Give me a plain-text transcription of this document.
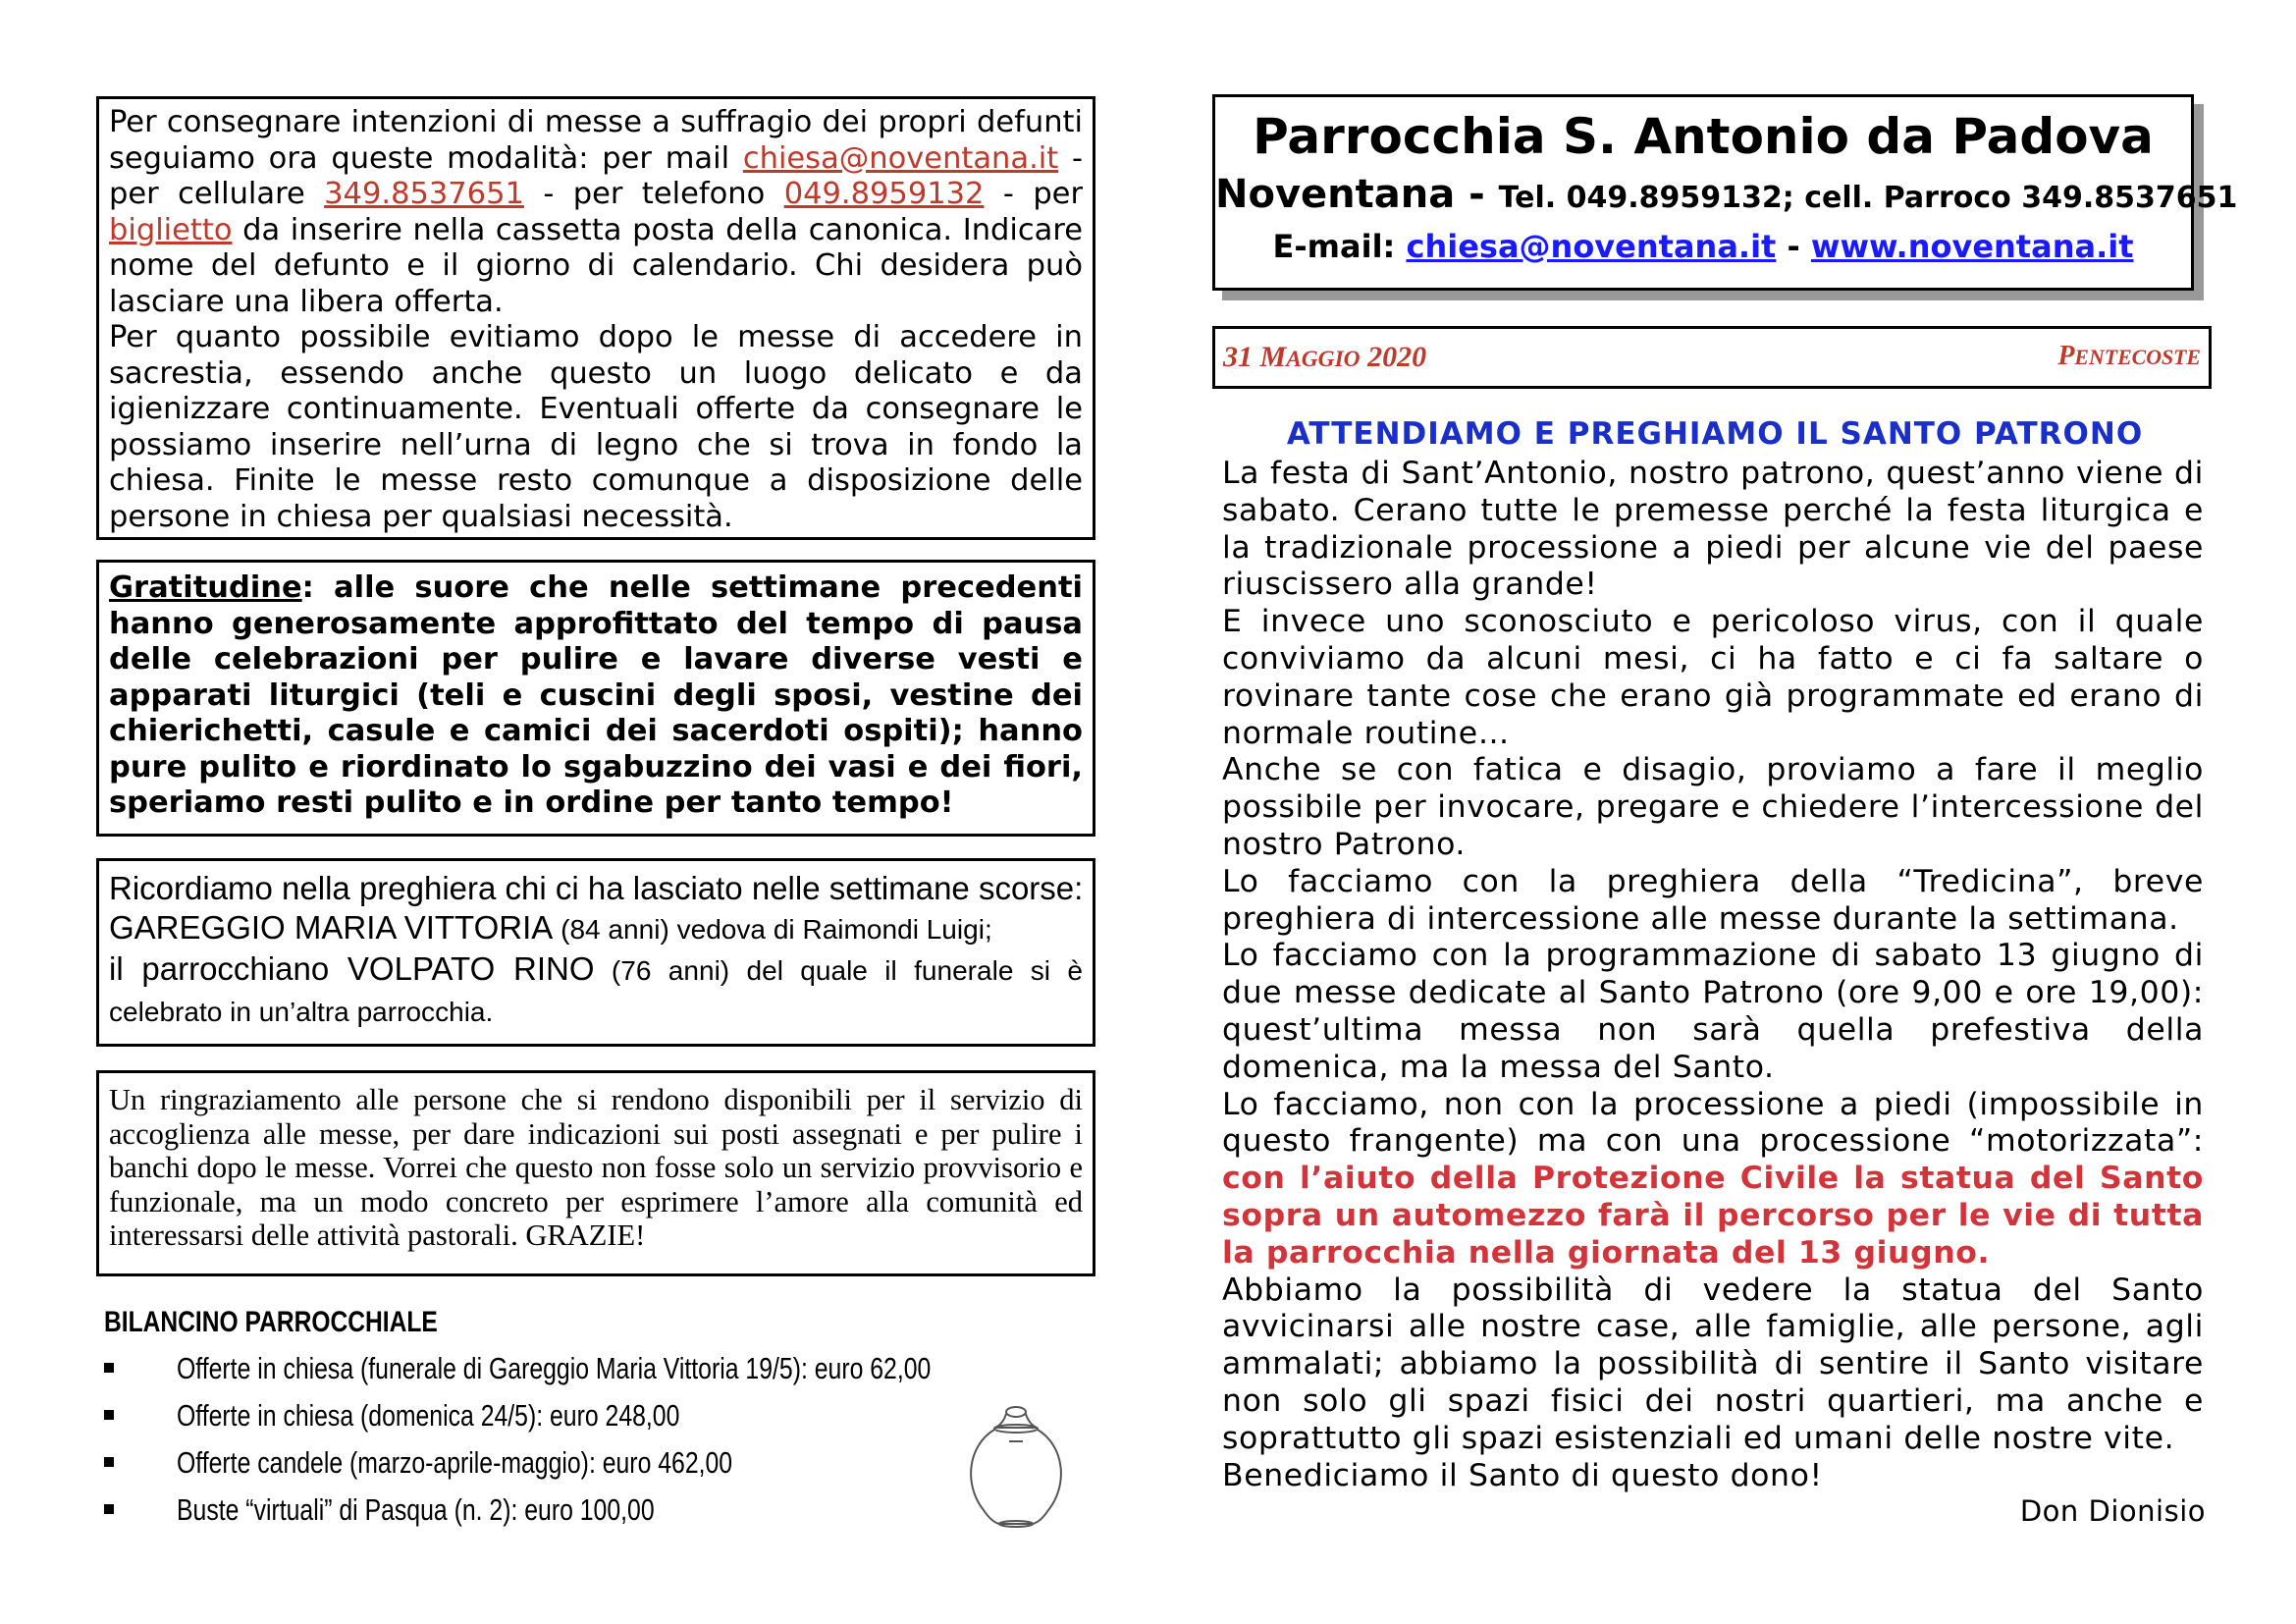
Per consegnare intenzioni di messe a suffragio dei propri defunti seguiamo ora queste modalità: per mail chiesa@noventana.it - per cellulare 349.8537651 - per telefono 049.8959132 - per biglietto da inserire nella cassetta posta della canonica. Indicare nome del defunto e il giorno di calendario. Chi desidera può lasciare una libera offerta.

Per quanto possibile evitiamo dopo le messe di accedere in sacrestia, essendo anche questo un luogo delicato e da igienizzare continuamente. Eventuali offerte da consegnare le possiamo inserire nell’urna di legno che si trova in fondo la chiesa. Finite le messe resto comunque a disposizione delle persone in chiesa per qualsiasi necessità.

Gratitudine: alle suore che nelle settimane precedenti hanno generosamente approfittato del tempo di pausa delle celebrazioni per pulire e lavare diverse vesti e apparati liturgici (teli e cuscini degli sposi, vestine dei chierichetti, casule e camici dei sacerdoti ospiti); hanno pure pulito e riordinato lo sgabuzzino dei vasi e dei fiori, speriamo resti pulito e in ordine per tanto tempo!

Ricordiamo nella preghiera chi ci ha lasciato nelle settimane scorse:

GAREGGIO MARIA VITTORIA (84 anni) vedova di Raimondi Luigi;

il parrocchiano VOLPATO RINO (76 anni) del quale il funerale si è celebrato in un’altra parrocchia.

Un ringraziamento alle persone che si rendono disponibili per il servizio di accoglienza alle messe, per dare indicazioni sui posti assegnati e per pulire i banchi dopo le messe. Vorrei che questo non fosse solo un servizio provvisorio e funzionale, ma un modo concreto per esprimere l’amore alla comunità ed interessarsi delle attività pastorali. GRAZIE!

BILANCINO PARROCCHIALE
Offerte in chiesa (funerale di Gareggio Maria Vittoria 19/5): euro 62,00
Offerte in chiesa (domenica 24/5): euro 248,00
Offerte candele (marzo-aprile-maggio): euro 462,00
Buste “virtuali” di Pasqua (n. 2): euro 100,00
Parrocchia S. Antonio da Padova
Noventana - Tel. 049.8959132; cell. Parroco 349.8537651
E-mail: chiesa@noventana.it - www.noventana.it
31 MAGGIO 2020	PENTECOSTE
ATTENDIAMO E PREGHIAMO IL SANTO PATRONO

La festa di Sant’Antonio, nostro patrono, quest’anno viene di sabato. Cerano tutte le premesse perché la festa liturgica e la tradizionale processione a piedi per alcune vie del paese riuscissero alla grande!

E invece uno sconosciuto e pericoloso virus, con il quale conviviamo da alcuni mesi, ci ha fatto e ci fa saltare o rovinare tante cose che erano già programmate ed erano di normale routine…

Anche se con fatica e disagio, proviamo a fare il meglio possibile per invocare, pregare e chiedere l’intercessione del nostro Patrono.

Lo facciamo con la preghiera della “Tredicina”, breve preghiera di intercessione alle messe durante la settimana.

Lo facciamo con la programmazione di sabato 13 giugno di due messe dedicate al Santo Patrono (ore 9,00 e ore 19,00): quest’ultima messa non sarà quella prefestiva della domenica, ma la messa del Santo.

Lo facciamo, non con la processione a piedi (impossibile in questo frangente) ma con una processione “motorizzata”: con l’aiuto della Protezione Civile la statua del Santo sopra un automezzo farà il percorso per le vie di tutta la parrocchia nella giornata del 13 giugno.

Abbiamo la possibilità di vedere la statua del Santo avvicinarsi alle nostre case, alle famiglie, alle persone, agli ammalati; abbiamo la possibilità di sentire il Santo visitare non solo gli spazi fisici dei nostri quartieri, ma anche e soprattutto gli spazi esistenziali ed umani delle nostre vite.

Benediciamo il Santo di questo dono!

Don Dionisio
